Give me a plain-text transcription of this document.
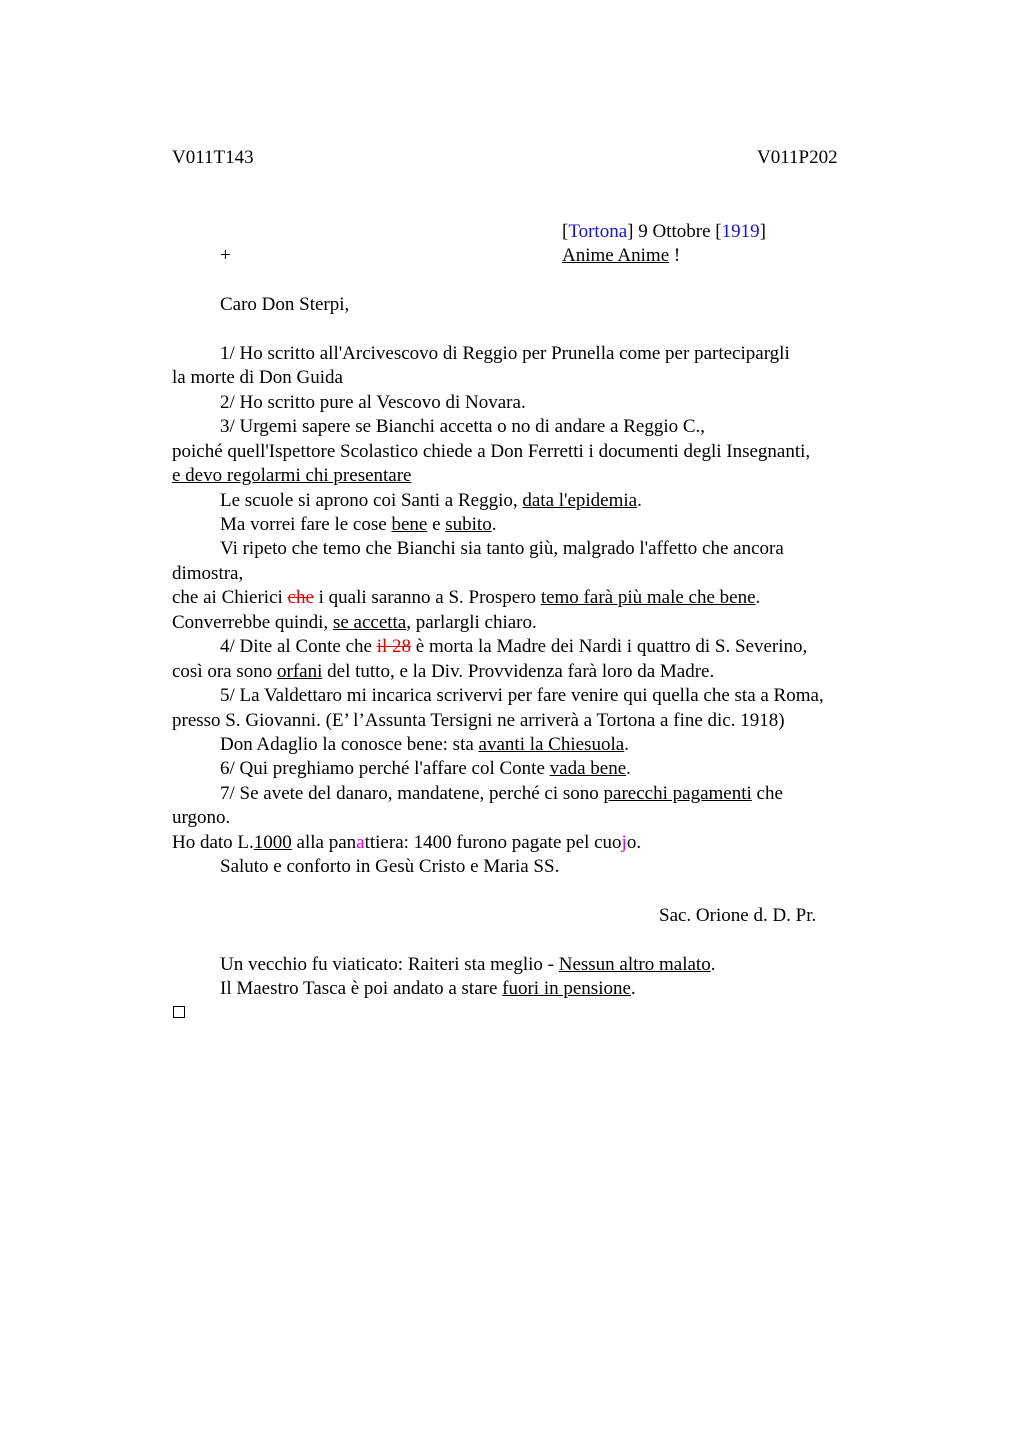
V011T143	V011P202
[Tortona] 9 Ottobre [1919]
+	Anime Anime !
Caro Don Sterpi,
1/ Ho scritto all'Arcivescovo di Reggio per Prunella come per partecipargli
la morte di Don Guida
2/ Ho scritto pure al Vescovo di Novara.
3/ Urgemi sapere se Bianchi accetta o no di andare a Reggio C.,
poiché quell'Ispettore Scolastico chiede a Don Ferretti i documenti degli Insegnanti,
e devo regolarmi chi presentare
Le scuole si aprono coi Santi a Reggio, data l'epidemia.
Ma vorrei fare le cose bene e subito.
Vi ripeto che temo che Bianchi sia tanto giù, malgrado l'affetto che ancora
dimostra,
che ai Chierici che i quali saranno a S. Prospero temo farà più male che bene.
Converrebbe quindi, se accetta, parlargli chiaro.
4/ Dite al Conte che il 28 è morta la Madre dei Nardi i quattro di S. Severino,
così ora sono orfani del tutto, e la Div. Provvidenza farà loro da Madre.
5/ La Valdettaro mi incarica scrivervi per fare venire qui quella che sta a Roma,
presso S. Giovanni. (E’ l’Assunta Tersigni ne arriverà a Tortona a fine dic. 1918)
Don Adaglio la conosce bene: sta avanti la Chiesuola.
6/ Qui preghiamo perché l'affare col Conte vada bene.
7/ Se avete del danaro, mandatene, perché ci sono parecchi pagamenti che
urgono.
Ho dato L.1000 alla panattiera: 1400 furono pagate pel cuojo.
Saluto e conforto in Gesù Cristo e Maria SS.
Sac. Orione d. D. Pr.
Un vecchio fu viaticato: Raiteri sta meglio - Nessun altro malato.
Il Maestro Tasca è poi andato a stare fuori in pensione.
